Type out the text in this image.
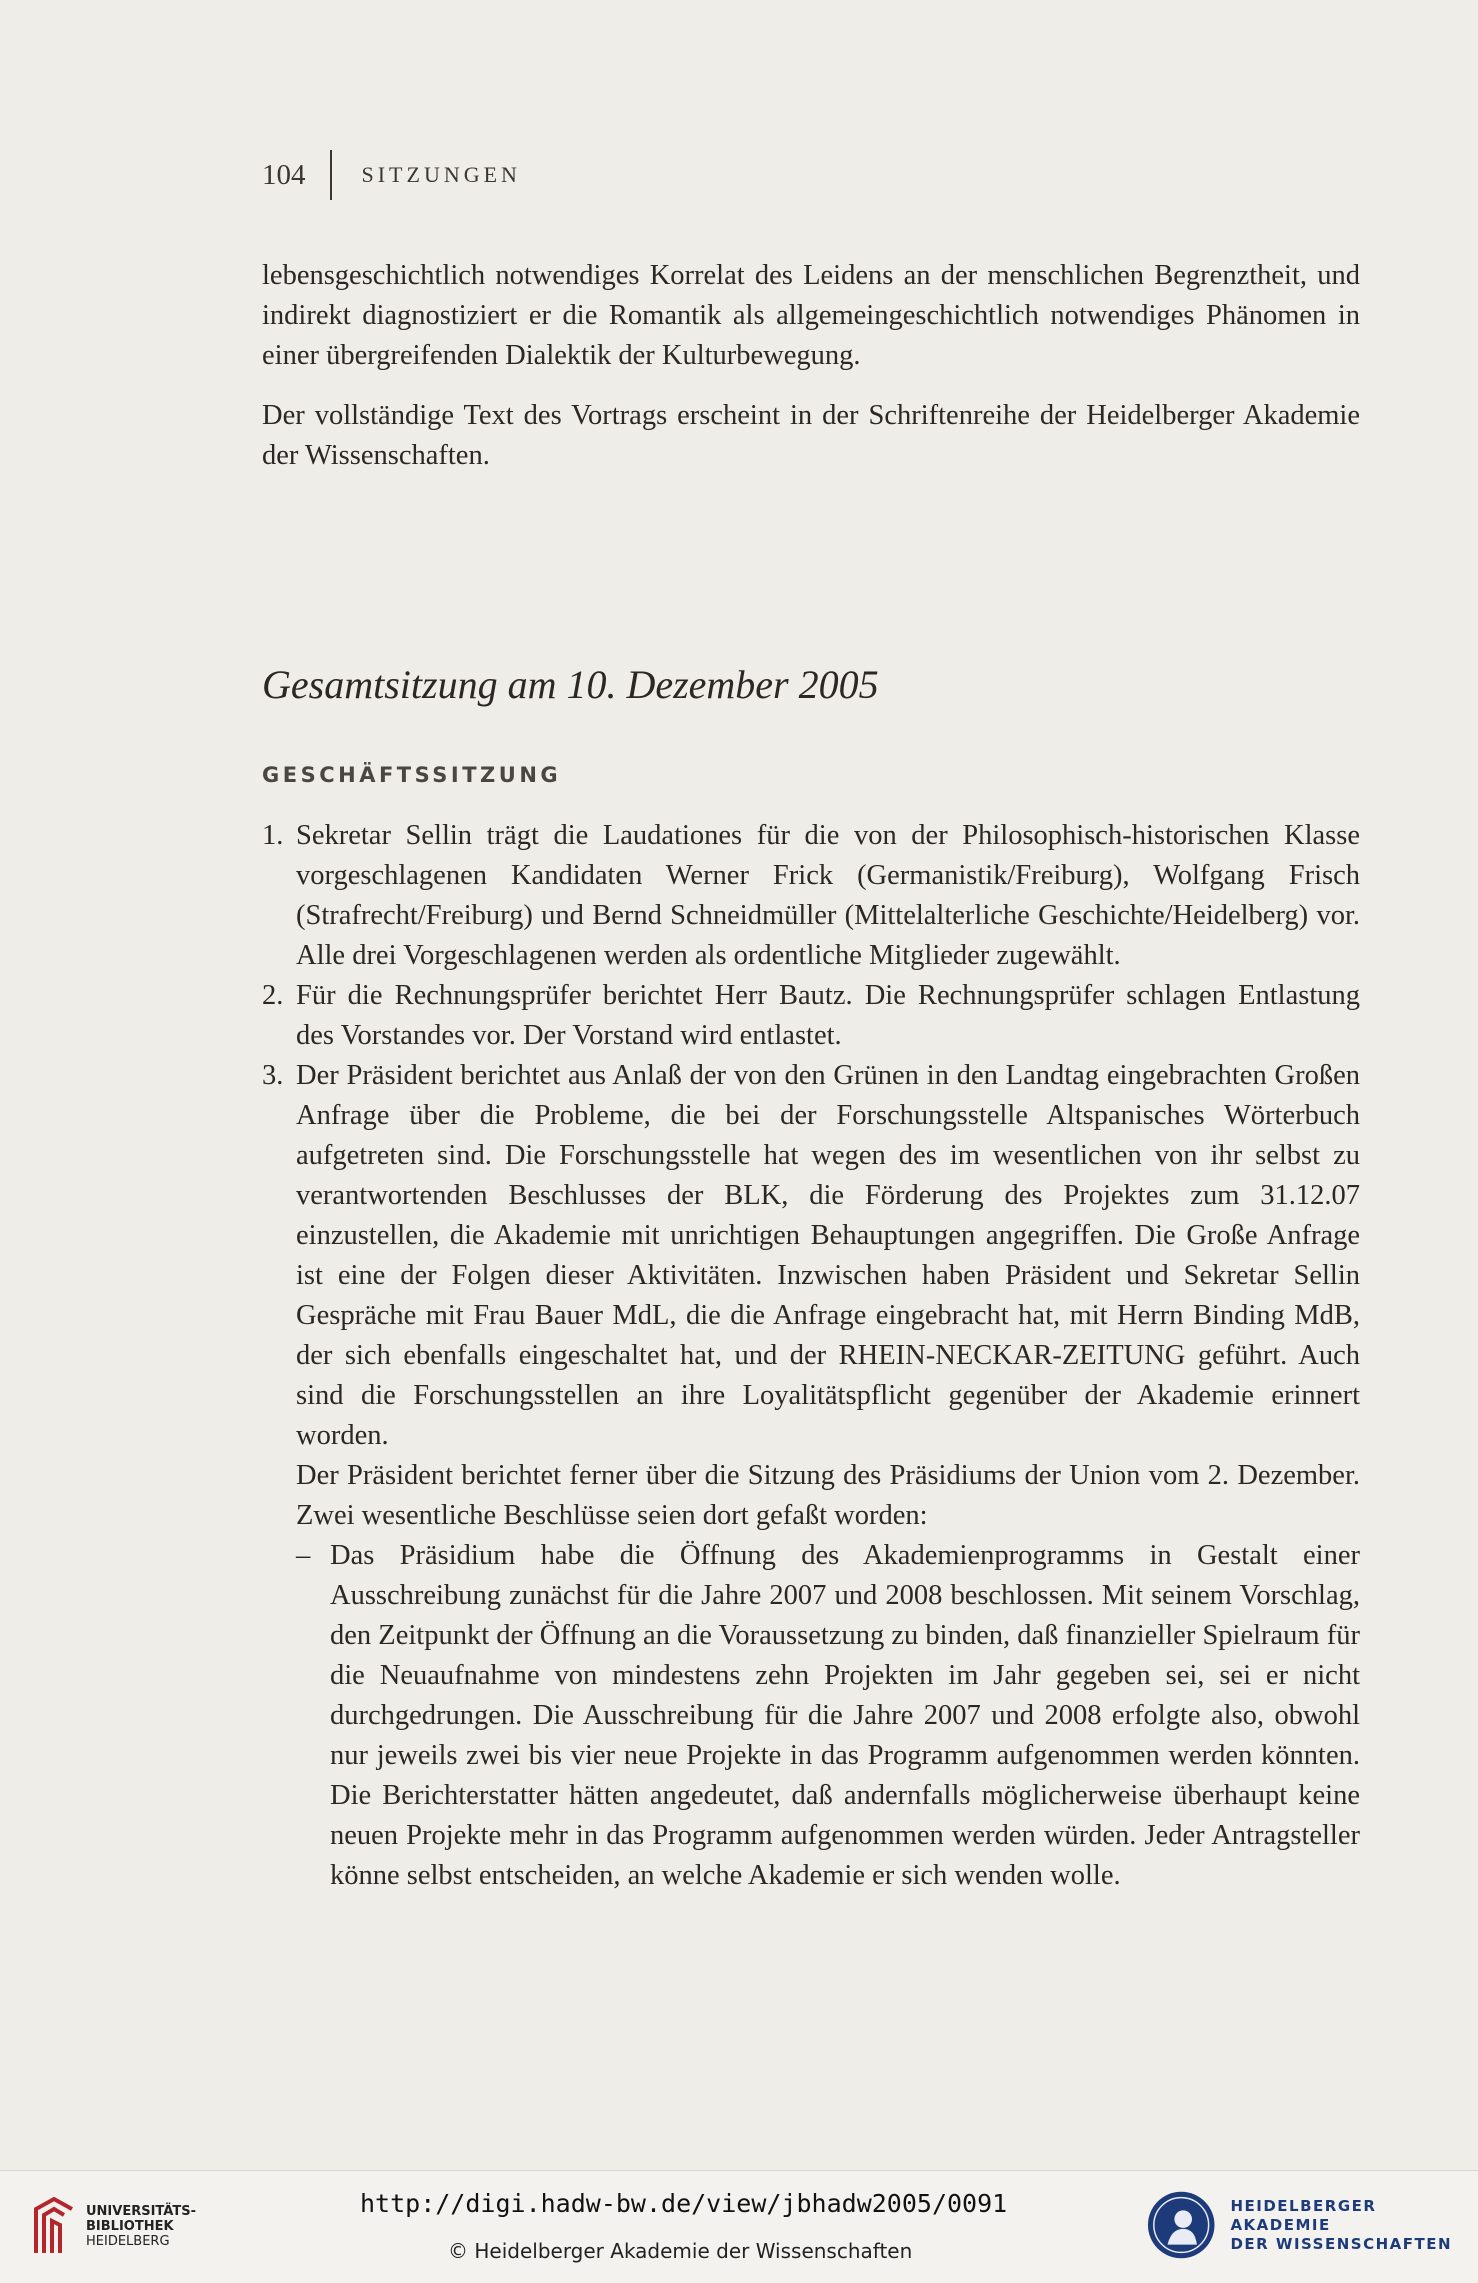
104	SITZUNGEN

lebensgeschichtlich notwendiges Korrelat des Leidens an der menschlichen Begrenztheit, und indirekt diagnostiziert er die Romantik als allgemeingeschichtlich notwendiges Phänomen in einer übergreifenden Dialektik der Kulturbewegung.

Der vollständige Text des Vortrags erscheint in der Schriftenreihe der Heidelberger Akademie der Wissenschaften.

Gesamtsitzung am 10. Dezember 2005
GESCHÄFTSSITZUNG
1. Sekretar Sellin trägt die Laudationes für die von der Philosophisch-historischen Klasse vorgeschlagenen Kandidaten Werner Frick (Germanistik/Freiburg), Wolfgang Frisch (Strafrecht/Freiburg) und Bernd Schneidmüller (Mittelalterliche Geschichte/Heidelberg) vor. Alle drei Vorgeschlagenen werden als ordentliche Mitglieder zugewählt.
2. Für die Rechnungsprüfer berichtet Herr Bautz. Die Rechnungsprüfer schlagen Entlastung des Vorstandes vor. Der Vorstand wird entlastet.
3. Der Präsident berichtet aus Anlaß der von den Grünen in den Landtag eingebrachten Großen Anfrage über die Probleme, die bei der Forschungsstelle Altspanisches Wörterbuch aufgetreten sind. Die Forschungsstelle hat wegen des im wesentlichen von ihr selbst zu verantwortenden Beschlusses der BLK, die Förderung des Projektes zum 31.12.07 einzustellen, die Akademie mit unrichtigen Behauptungen angegriffen. Die Große Anfrage ist eine der Folgen dieser Aktivitäten. Inzwischen haben Präsident und Sekretar Sellin Gespräche mit Frau Bauer MdL, die die Anfrage eingebracht hat, mit Herrn Binding MdB, der sich ebenfalls eingeschaltet hat, und der RHEIN-NECKAR-ZEITUNG geführt. Auch sind die Forschungsstellen an ihre Loyalitätspflicht gegenüber der Akademie erinnert worden.
Der Präsident berichtet ferner über die Sitzung des Präsidiums der Union vom 2. Dezember. Zwei wesentliche Beschlüsse seien dort gefaßt worden:
– Das Präsidium habe die Öffnung des Akademienprogramms in Gestalt einer Ausschreibung zunächst für die Jahre 2007 und 2008 beschlossen. Mit seinem Vorschlag, den Zeitpunkt der Öffnung an die Voraussetzung zu binden, daß finanzieller Spielraum für die Neuaufnahme von mindestens zehn Projekten im Jahr gegeben sei, sei er nicht durchgedrungen. Die Ausschreibung für die Jahre 2007 und 2008 erfolgte also, obwohl nur jeweils zwei bis vier neue Projekte in das Programm aufgenommen werden könnten. Die Berichterstatter hätten angedeutet, daß andernfalls möglicherweise überhaupt keine neuen Projekte mehr in das Programm aufgenommen werden würden. Jeder Antragsteller könne selbst entscheiden, an welche Akademie er sich wenden wolle.
UNIVERSITÄTS-
BIBLIOTHEK
HEIDELBERG
http://digi.hadw-bw.de/view/jbhadw2005/0091
© Heidelberger Akademie der Wissenschaften
HEIDELBERGER AKADEMIE
DER WISSENSCHAFTEN
